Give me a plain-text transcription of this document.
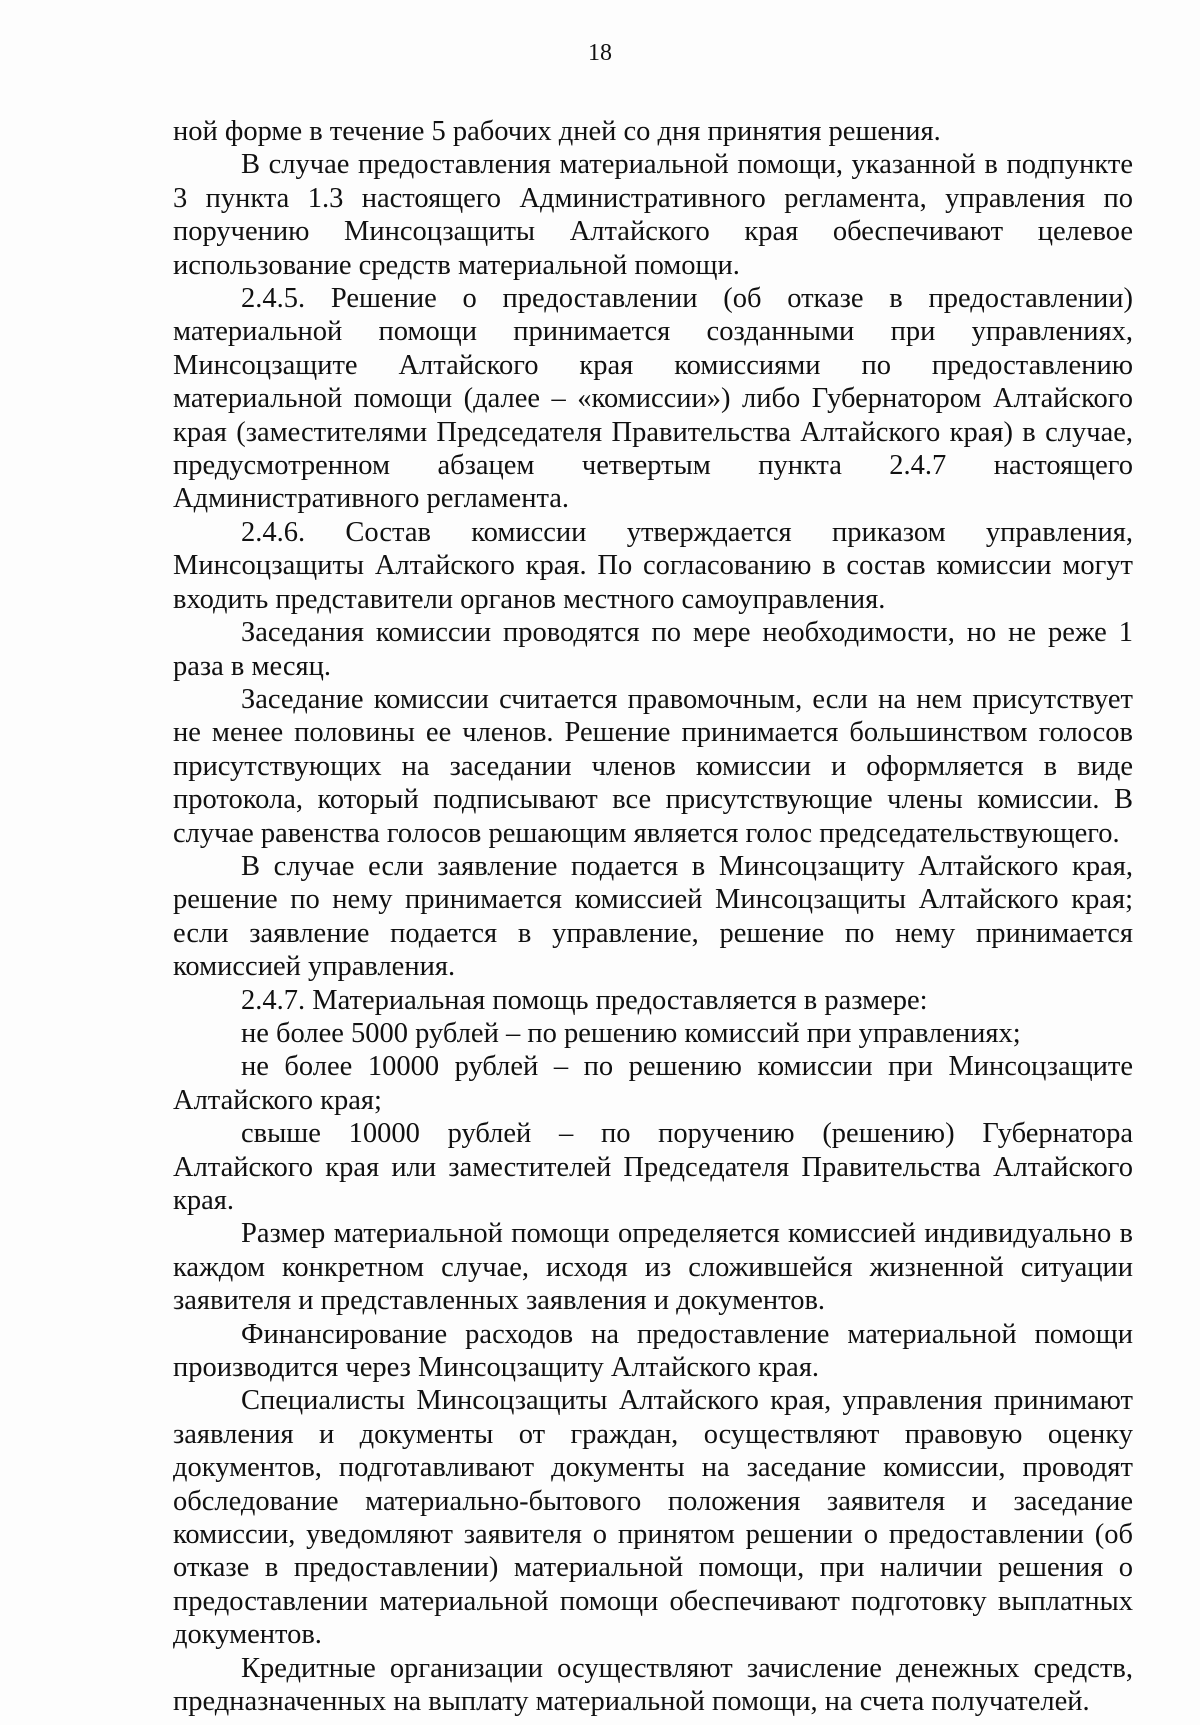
18

ной форме в течение 5 рабочих дней со дня принятия решения.

В случае предоставления материальной помощи, указанной в подпункте 3 пункта 1.3 настоящего Административного регламента, управления по поручению Минсоцзащиты Алтайского края обеспечивают целевое использование средств материальной помощи.

2.4.5. Решение о предоставлении (об отказе в предоставлении) материальной помощи принимается созданными при управлениях, Минсоцзащите Алтайского края комиссиями по предоставлению материальной помощи (далее – «комиссии») либо Губернатором Алтайского края (заместителями Председателя Правительства Алтайского края) в случае, предусмотренном абзацем четвертым пункта 2.4.7 настоящего Административного регламента.

2.4.6. Состав комиссии утверждается приказом управления, Минсоцзащиты Алтайского края. По согласованию в состав комиссии могут входить представители органов местного самоуправления.

Заседания комиссии проводятся по мере необходимости, но не реже 1 раза в месяц.

Заседание комиссии считается правомочным, если на нем присутствует не менее половины ее членов. Решение принимается большинством голосов присутствующих на заседании членов комиссии и оформляется в виде протокола, который подписывают все присутствующие члены комиссии. В случае равенства голосов решающим является голос председательствующего.

В случае если заявление подается в Минсоцзащиту Алтайского края, решение по нему принимается комиссией Минсоцзащиты Алтайского края; если заявление подается в управление, решение по нему принимается комиссией управления.

2.4.7. Материальная помощь предоставляется в размере:

не более 5000 рублей – по решению комиссий при управлениях;

не более 10000 рублей – по решению комиссии при Минсоцзащите Алтайского края;

свыше 10000 рублей – по поручению (решению) Губернатора Алтайского края или заместителей Председателя Правительства Алтайского края.

Размер материальной помощи определяется комиссией индивидуально в каждом конкретном случае, исходя из сложившейся жизненной ситуации заявителя и представленных заявления и документов.

Финансирование расходов на предоставление материальной помощи производится через Минсоцзащиту Алтайского края.

Специалисты Минсоцзащиты Алтайского края, управления принимают заявления и документы от граждан, осуществляют правовую оценку документов, подготавливают документы на заседание комиссии, проводят обследование материально-бытового положения заявителя и заседание комиссии, уведомляют заявителя о принятом решении о предоставлении (об отказе в предоставлении) материальной помощи, при наличии решения о предоставлении материальной помощи обеспечивают подготовку выплатных документов.

Кредитные организации осуществляют зачисление денежных средств, предназначенных на выплату материальной помощи, на счета получателей.
